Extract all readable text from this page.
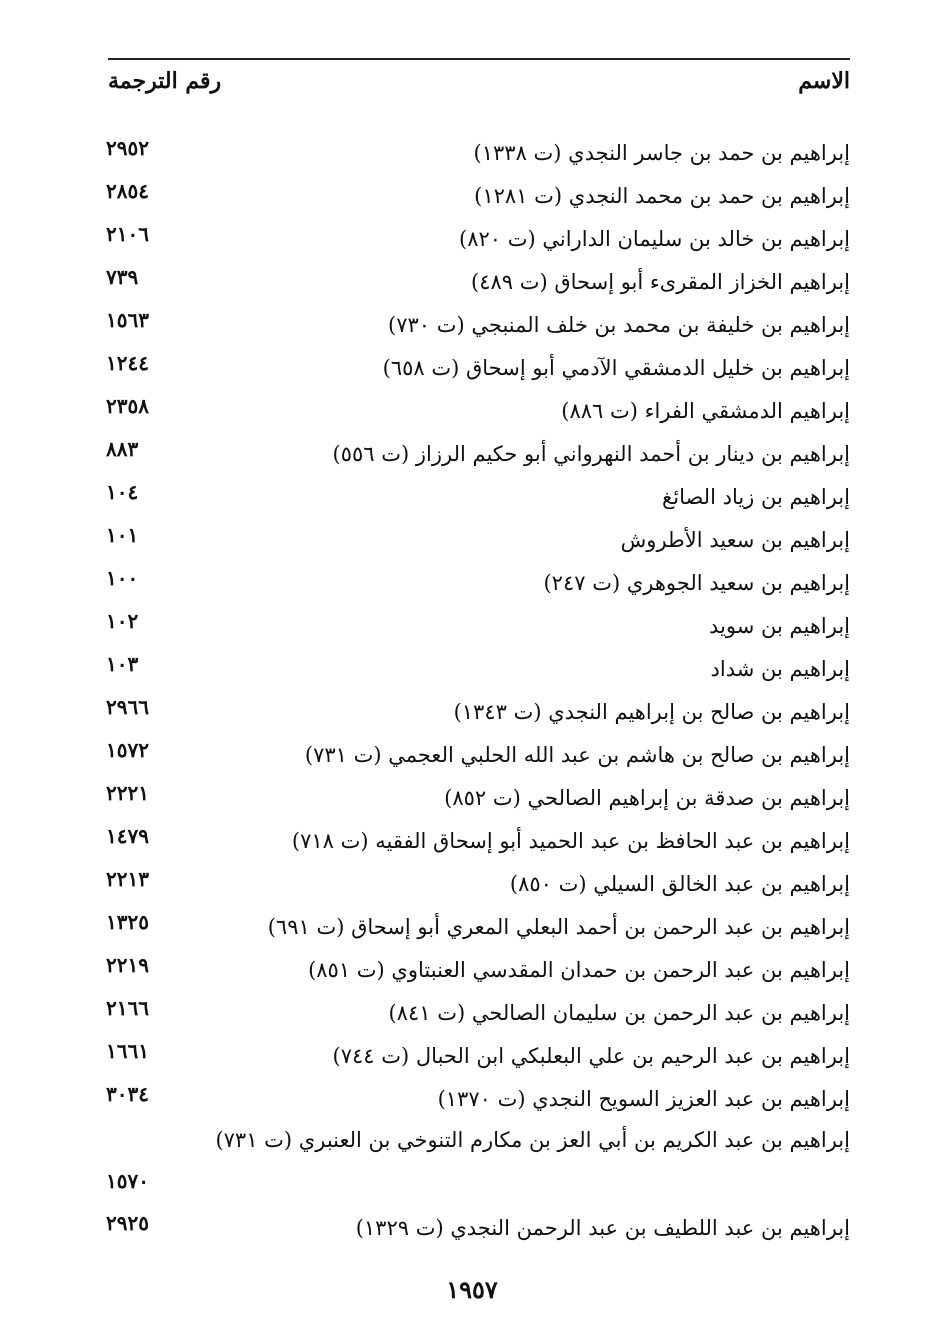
الاسم
رقم الترجمة
إبراهيم بن حمد بن جاسر النجدي (ت ١٣٣٨)
٢٩٥٢
إبراهيم بن حمد بن محمد النجدي (ت ١٢٨١)
٢٨٥٤
إبراهيم بن خالد بن سليمان الداراني (ت ٨٢٠)
٢١٠٦
إبراهيم الخزاز المقرىء أبو إسحاق (ت ٤٨٩)
٧٣٩
إبراهيم بن خليفة بن محمد بن خلف المنبجي (ت ٧٣٠)
١٥٦٣
إبراهيم بن خليل الدمشقي الآدمي أبو إسحاق (ت ٦٥٨)
١٢٤٤
إبراهيم الدمشقي الفراء (ت ٨٨٦)
٢٣٥٨
إبراهيم بن دينار بن أحمد النهرواني أبو حكيم الرزاز (ت ٥٥٦)
٨٨٣
إبراهيم بن زياد الصائغ
١٠٤
إبراهيم بن سعيد الأطروش
١٠١
إبراهيم بن سعيد الجوهري (ت ٢٤٧)
١٠٠
إبراهيم بن سويد
١٠٢
إبراهيم بن شداد
١٠٣
إبراهيم بن صالح بن إبراهيم النجدي (ت ١٣٤٣)
٢٩٦٦
إبراهيم بن صالح بن هاشم بن عبد الله الحلبي العجمي (ت ٧٣١)
١٥٧٢
إبراهيم بن صدقة بن إبراهيم الصالحي (ت ٨٥٢)
٢٢٢١
إبراهيم بن عبد الحافظ بن عبد الحميد أبو إسحاق الفقيه (ت ٧١٨)
١٤٧٩
إبراهيم بن عبد الخالق السيلي (ت ٨٥٠)
٢٢١٣
إبراهيم بن عبد الرحمن بن أحمد البعلي المعري أبو إسحاق (ت ٦٩١)
١٣٢٥
إبراهيم بن عبد الرحمن بن حمدان المقدسي العنبتاوي (ت ٨٥١)
٢٢١٩
إبراهيم بن عبد الرحمن بن سليمان الصالحي (ت ٨٤١)
٢١٦٦
إبراهيم بن عبد الرحيم بن علي البعلبكي ابن الحبال (ت ٧٤٤)
١٦٦١
إبراهيم بن عبد العزيز السويح النجدي (ت ١٣٧٠)
٣٠٣٤
إبراهيم بن عبد الكريم بن أبي العز بن مكارم التنوخي بن العنبري (ت ٧٣١)
١٥٧٠
إبراهيم بن عبد اللطيف بن عبد الرحمن النجدي (ت ١٣٢٩)
٢٩٢٥
١٩٥٧
